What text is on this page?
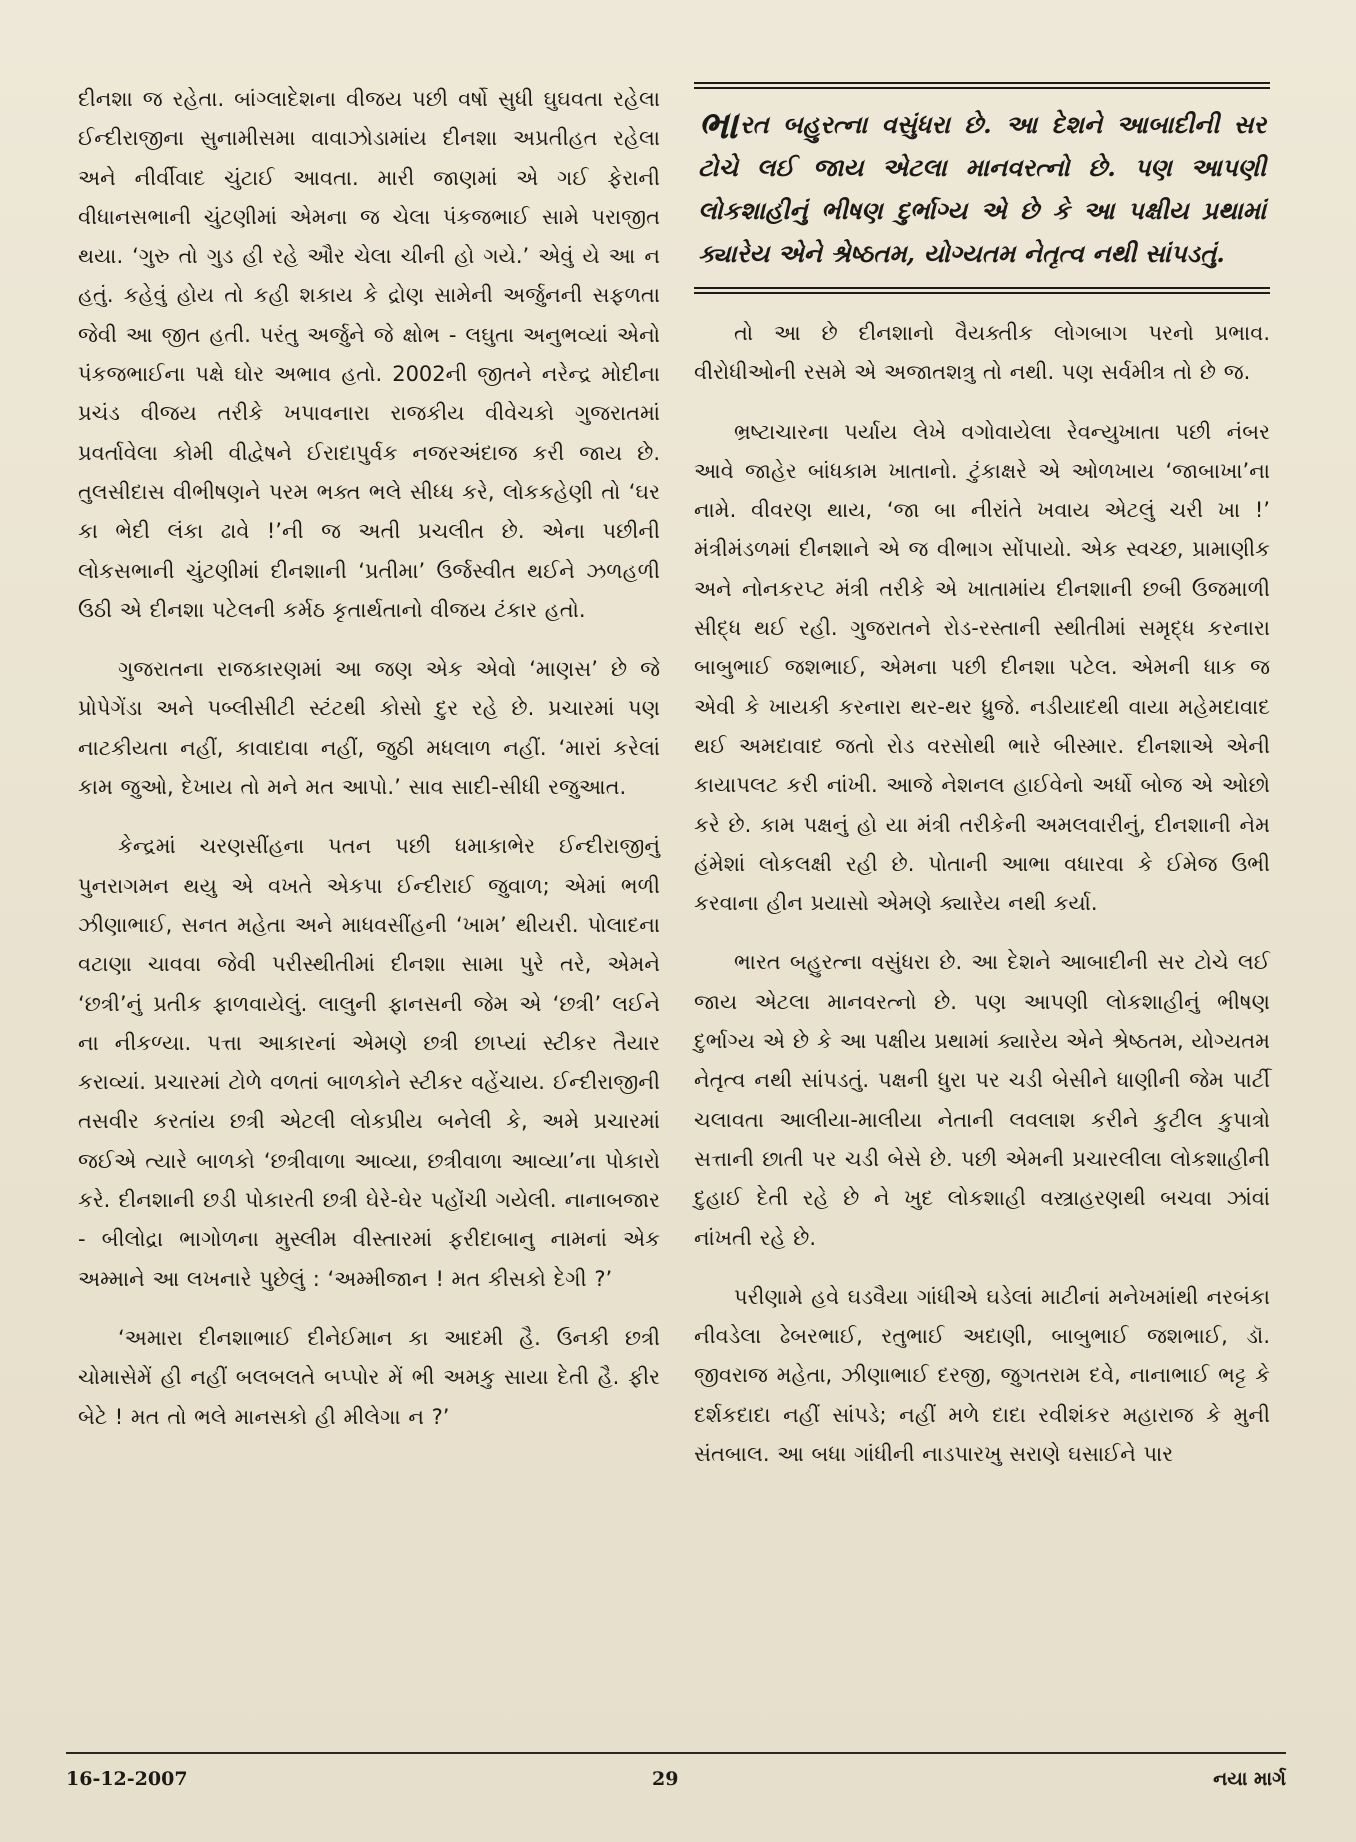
દીનશા જ રહેતા. બાંગ્લાદેશના વીજય પછી વર્ષો સુધી ઘુઘવતા રહેલા ઈન્દીરાજીના સુનામીસમા વાવાઝોડામાંય દીનશા અપ્રતીહત રહેલા અને નીર્વીવાદ ચુંટાઈ આવતા. મારી જાણમાં એ ગઈ ફેરાની વીધાનસભાની ચુંટણીમાં એમના જ ચેલા પંકજભાઈ સામે પરાજીત થયા. ‘ગુરુ તો ગુડ હી રહે ઔર ચેલા ચીની હો ગયે.’ એવું યે આ ન હતું. કહેવું હોય તો કહી શકાય કે દ્રોણ સામેની અર્જુનની સફળતા જેવી આ જીત હતી. પરંતુ અર્જુને જે ક્ષોભ - લઘુતા અનુભવ્યાં એનો પંકજભાઈના પક્ષે ઘોર અભાવ હતો. 2002ની જીતને નરેન્દ્ર મોદીના પ્રચંડ વીજય તરીકે ખપાવનારા રાજકીય વીવેચકો ગુજરાતમાં પ્રવર્તાવેલા કોમી વીદ્વેષને ઈરાદાપુર્વક નજરઅંદાજ કરી જાય છે. તુલસીદાસ વીભીષણને પરમ ભક્ત ભલે સીધ્ધ કરે, લોકકહેણી તો ‘ઘર કા ભેદી લંકા ઢાવે !’ની જ અતી પ્રચલીત છે. એના પછીની લોકસભાની ચુંટણીમાં દીનશાની ‘પ્રતીમા’ ઉર્જસ્વીત થઈને ઝળહળી ઉઠી એ દીનશા પટેલની કર્મઠ કૃતાર્થતાનો વીજય ટંકાર હતો.

ગુજરાતના રાજકારણમાં આ જણ એક એવો ‘માણસ’ છે જે પ્રોપેગેંડા અને પબ્લીસીટી સ્ટંટથી કોસો દુર રહે છે. પ્રચારમાં પણ નાટકીયતા નહીં, કાવાદાવા નહીં, જુઠી મધલાળ નહીં. ‘મારાં કરેલાં કામ જુઓ, દેખાય તો મને મત આપો.’ સાવ સાદી-સીધી રજુઆત.

કેન્દ્રમાં ચરણસીંહના પતન પછી ધમાકાભેર ઈન્દીરાજીનું પુનરાગમન થયુ એ વખતે એકપા ઈન્દીરાઈ જુવાળ; એમાં ભળી ઝીણાભાઈ, સનત મહેતા અને માધવસીંહની ‘ખામ’ થીયરી. પોલાદના વટાણા ચાવવા જેવી પરીસ્થીતીમાં દીનશા સામા પુરે તરે, એમને ‘છત્રી’નું પ્રતીક ફાળવાયેલું. લાલુની ફાનસની જેમ એ ‘છત્રી’ લઈને ના નીકળ્યા. પત્તા આકારનાં એમણે છત્રી છાપ્યાં સ્ટીકર તૈયાર કરાવ્યાં. પ્રચારમાં ટોળે વળતાં બાળકોને સ્ટીકર વહેંચાય. ઈન્દીરાજીની તસવીર કરતાંય છત્રી એટલી લોકપ્રીય બનેલી કે, અમે પ્રચારમાં જઈએ ત્યારે બાળકો ‘છત્રીવાળા આવ્યા, છત્રીવાળા આવ્યા’ના પોકારો કરે. દીનશાની છડી પોકારતી છત્રી ઘેરે-ઘેર પહોંચી ગયેલી. નાનાબજાર - બીલોદ્રા ભાગોળના મુસ્લીમ વીસ્તારમાં ફરીદાબાનુ નામનાં એક અમ્માને આ લખનારે પુછેલું : ‘અમ્મીજાન ! મત કીસકો દેગી ?’

‘અમારા દીનશાભાઈ દીનેઈમાન કા આદમી હૈ. ઉનકી છત્રી ચોમાસેમેં હી નહીં બલબલતે બપ્પોર મેં ભી અમકુ સાયા દેતી હૈ. ફીર બેટે ! મત તો ભલે માનસકો હી મીલેગા ન ?’

ભારત બહુરત્ના વસુંધરા છે. આ દેશને આબાદીની સર ટોચે લઈ જાય એટલા માનવરત્નો છે. પણ આપણી લોકશાહીનું ભીષણ દુર્ભાગ્ય એ છે કે આ પક્ષીય પ્રથામાં ક્યારેય એને શ્રેષ્ઠતમ, યોગ્યતમ નેતૃત્વ નથી સાંપડતું.

તો આ છે દીનશાનો વૈયક્તીક લોગબાગ પરનો પ્રભાવ. વીરોધીઓની રસમે એ અજાતશત્રુ તો નથી. પણ સર્વમીત્ર તો છે જ.

ભ્રષ્ટાચારના પર્યાય લેખે વગોવાયેલા રેવન્યુખાતા પછી નંબર આવે જાહેર બાંધકામ ખાતાનો. ટુંકાક્ષરે એ ઓળખાય ‘જાબાખા’ના નામે. વીવરણ થાય, ‘જા બા નીરાંતે ખવાય એટલું ચરી ખા !’ મંત્રીમંડળમાં દીનશાને એ જ વીભાગ સોંપાયો. એક સ્વચ્છ, પ્રામાણીક અને નોનકરપ્ટ મંત્રી તરીકે એ ખાતામાંય દીનશાની છબી ઉજમાળી સીદ્ધ થઈ રહી. ગુજરાતને રોડ-રસ્તાની સ્થીતીમાં સમૃદ્ધ કરનારા બાબુભાઈ જશભાઈ, એમના પછી દીનશા પટેલ. એમની ધાક જ એવી કે ખાયકી કરનારા થર-થર ધ્રુજે. નડીયાદથી વાયા મહેમદાવાદ થઈ અમદાવાદ જતો રોડ વરસોથી ભારે બીસ્માર. દીનશાએ એની કાયાપલટ કરી નાંખી. આજે નેશનલ હાઈવેનો અર્ધો બોજ એ ઓછો કરે છે. કામ પક્ષનું હો યા મંત્રી તરીકેની અમલવારીનું, દીનશાની નેમ હંમેશાં લોકલક્ષી રહી છે. પોતાની આભા વધારવા કે ઈમેજ ઉભી કરવાના હીન પ્રયાસો એમણે ક્યારેય નથી કર્યા.

ભારત બહુરત્ના વસુંધરા છે. આ દેશને આબાદીની સર ટોચે લઈ જાય એટલા માનવરત્નો છે. પણ આપણી લોકશાહીનું ભીષણ દુર્ભાગ્ય એ છે કે આ પક્ષીય પ્રથામાં ક્યારેય એને શ્રેષ્ઠતમ, યોગ્યતમ નેતૃત્વ નથી સાંપડતું. પક્ષની ધુરા પર ચડી બેસીને ધાણીની જેમ પાર્ટી ચલાવતા આલીયા-માલીયા નેતાની લવલાશ કરીને કુટીલ કુપાત્રો સત્તાની છાતી પર ચડી બેસે છે. પછી એમની પ્રચારલીલા લોકશાહીની દુહાઈ દેતી રહે છે ને ખુદ લોકશાહી વસ્ત્રાહરણથી બચવા ઝાંવાં નાંખતી રહે છે.

પરીણામે હવે ઘડવૈયા ગાંધીએ ઘડેલાં માટીનાં મનેખમાંથી નરબંકા નીવડેલા ઢેબરભાઈ, રતુભાઈ અદાણી, બાબુભાઈ જશભાઈ, ડૉ. જીવરાજ મહેતા, ઝીણાભાઈ દરજી, જુગતરામ દવે, નાનાભાઈ ભટ્ટ કે દર્શકદાદા નહીં સાંપડે; નહીં મળે દાદા રવીશંકર મહારાજ કે મુની સંતબાલ. આ બધા ગાંધીની નાડપારખુ સરાણે ઘસાઈને પાર

16-12-2007	29	નયા માર્ગ
